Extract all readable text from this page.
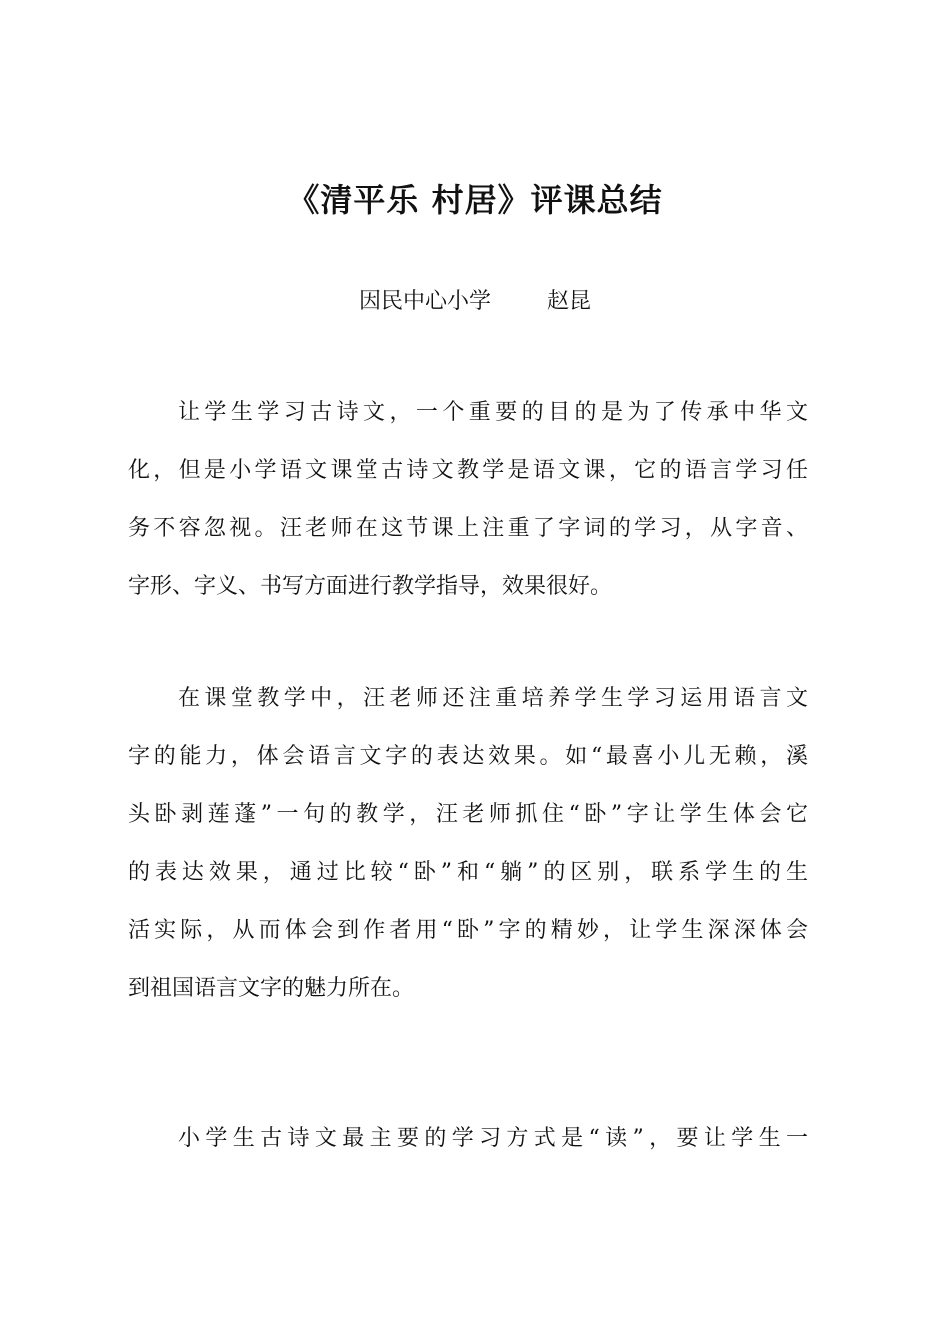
《清平乐 村居》评课总结
因民中心小学	赵昆
让学生学习古诗文，一个重要的目的是为了传承中华文
化，但是小学语文课堂古诗文教学是语文课，它的语言学习任
务不容忽视。汪老师在这节课上注重了字词的学习，从字音、
字形、字义、书写方面进行教学指导，效果很好。
在课堂教学中，汪老师还注重培养学生学习运用语言文
字的能力，体会语言文字的表达效果。如“最喜小儿无赖，溪
头卧剥莲蓬”一句的教学，汪老师抓住“卧”字让学生体会它
的表达效果，通过比较“卧”和“躺”的区别，联系学生的生
活实际，从而体会到作者用“卧”字的精妙，让学生深深体会
到祖国语言文字的魅力所在。
小学生古诗文最主要的学习方式是“读”，要让学生一
